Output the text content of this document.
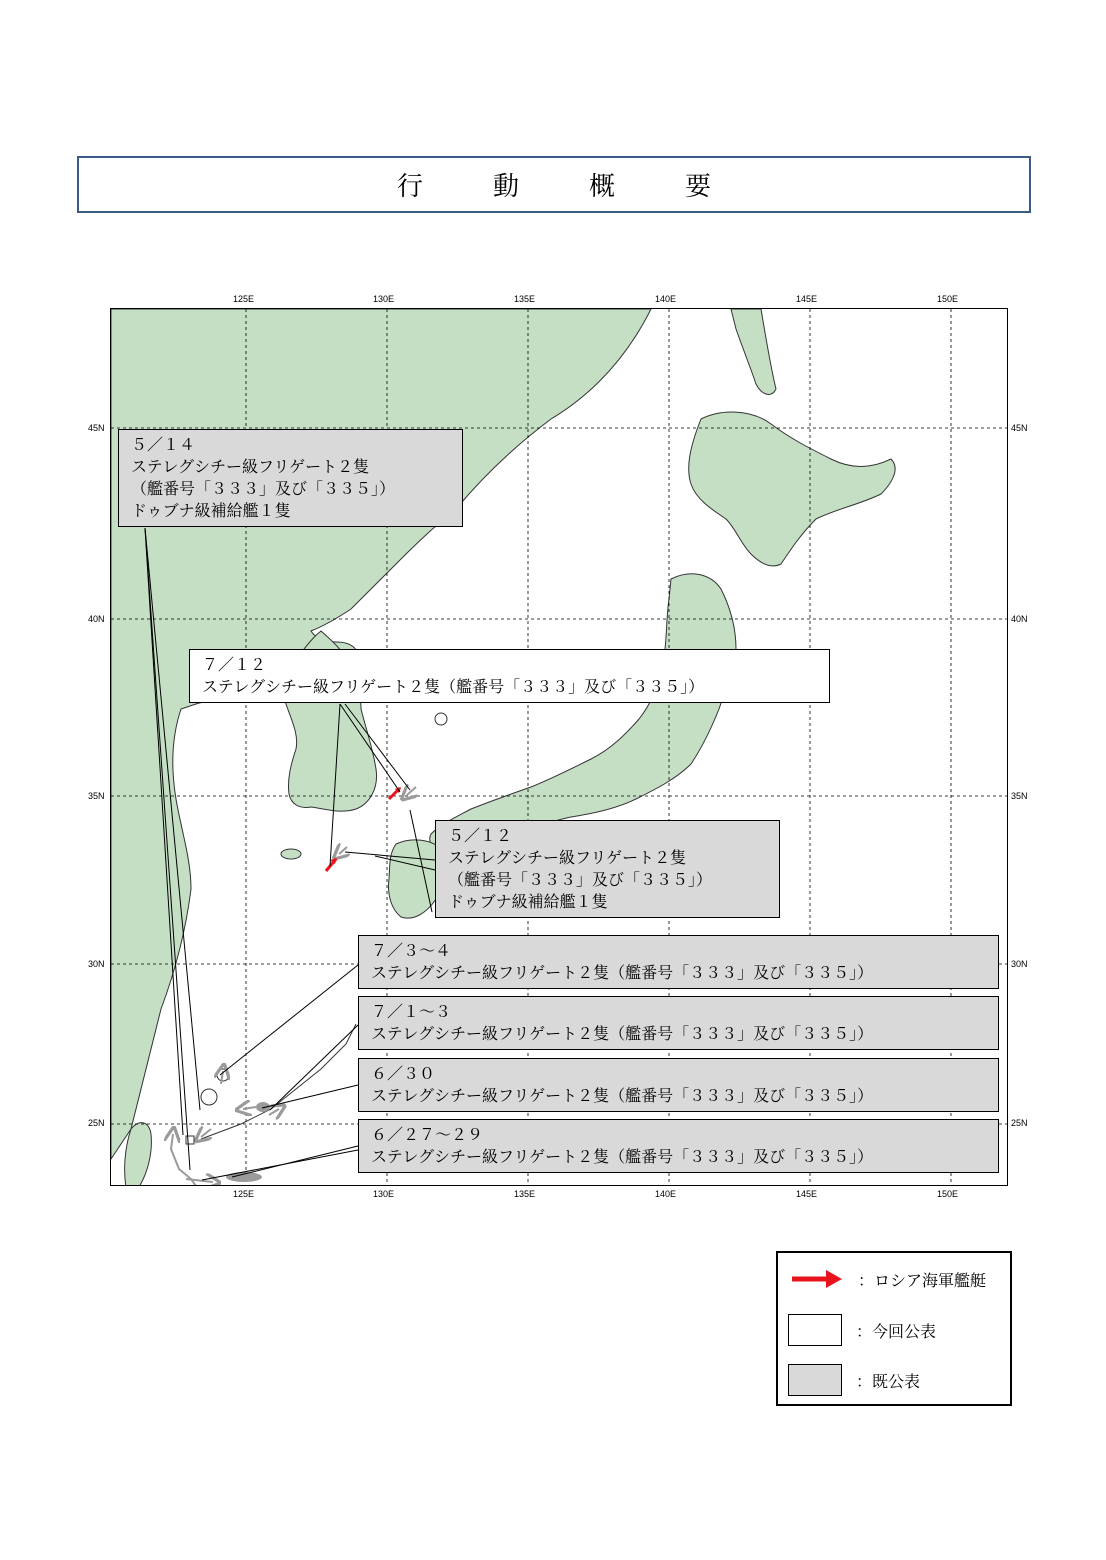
行　動　概　要
125E	130E	135E	140E	145E	150E
125E	130E	135E	140E	145E	150E
45N
40N
35N
30N
25N
45N
40N
35N
30N
25N
５／１４
ステレグシチー級フリゲート２隻
（艦番号「３３３」及び「３３５」）
ドゥブナ級補給艦１隻
７／１２
ステレグシチー級フリゲート２隻（艦番号「３３３」及び「３３５」）
５／１２
ステレグシチー級フリゲート２隻
（艦番号「３３３」及び「３３５」）
ドゥブナ級補給艦１隻
７／３～４
ステレグシチー級フリゲート２隻（艦番号「３３３」及び「３３５」）
７／１～３
ステレグシチー級フリゲート２隻（艦番号「３３３」及び「３３５」）
６／３０
ステレグシチー級フリゲート２隻（艦番号「３３３」及び「３３５」）
６／２７～２９
ステレグシチー級フリゲート２隻（艦番号「３３３」及び「３３５」）
：ロシア海軍艦艇
：今回公表
：既公表
